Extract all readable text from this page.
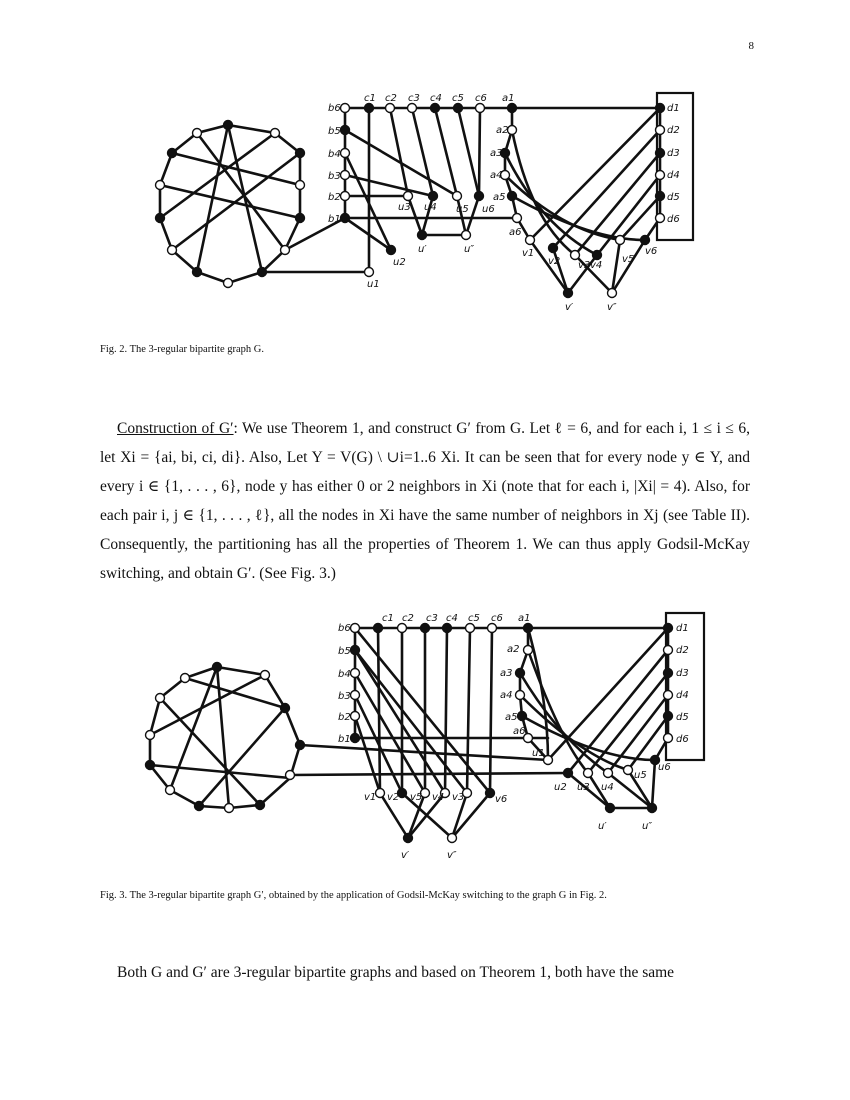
8
c1 c2 c3 c4 c5 c6 a1
a2
a3
a4
a5
a6
b6
b5
b4
b3
b2
b1
d1
d2
d3
d4
d5
d6
u3 u4 u5 u6
u1
u2
u′	u″	v1
v2 v3 v4
v5
v6
v′	v″
Fig. 2. The 3-regular bipartite graph G.

Construction of G′: We use Theorem 1, and construct G′ from G. Let ℓ = 6, and for each i, 1 ≤ i ≤ 6, let Xi = {ai, bi, ci, di}. Also, Let Y = V(G) \ ∪i=1..6 Xi. It can be seen that for every node y ∈ Y, and every i ∈ {1, . . . , 6}, node y has either 0 or 2 neighbors in Xi (note that for each i, |Xi| = 4). Also, for each pair i, j ∈ {1, . . . , ℓ}, all the nodes in Xi have the same number of neighbors in Xj (see Table II). Consequently, the partitioning has all the properties of Theorem 1. We can thus apply Godsil-McKay switching, and obtain G′. (See Fig. 3.)

c1 c2 c3 c4 c5 c6 a1
a2
a3
a4
a5
a6
b6
b5
b4
b3
b2
b1
d1
d2
d3
d4
d5
d6
u1
u2 u3 u4
u5
u6
u′	u″
v1 v2	v3
v4
v5	v6
v′	v″
Fig. 3. The 3-regular bipartite graph G′, obtained by the application of Godsil-McKay switching to the graph G in Fig. 2.

Both G and G′ are 3-regular bipartite graphs and based on Theorem 1, both have the same
